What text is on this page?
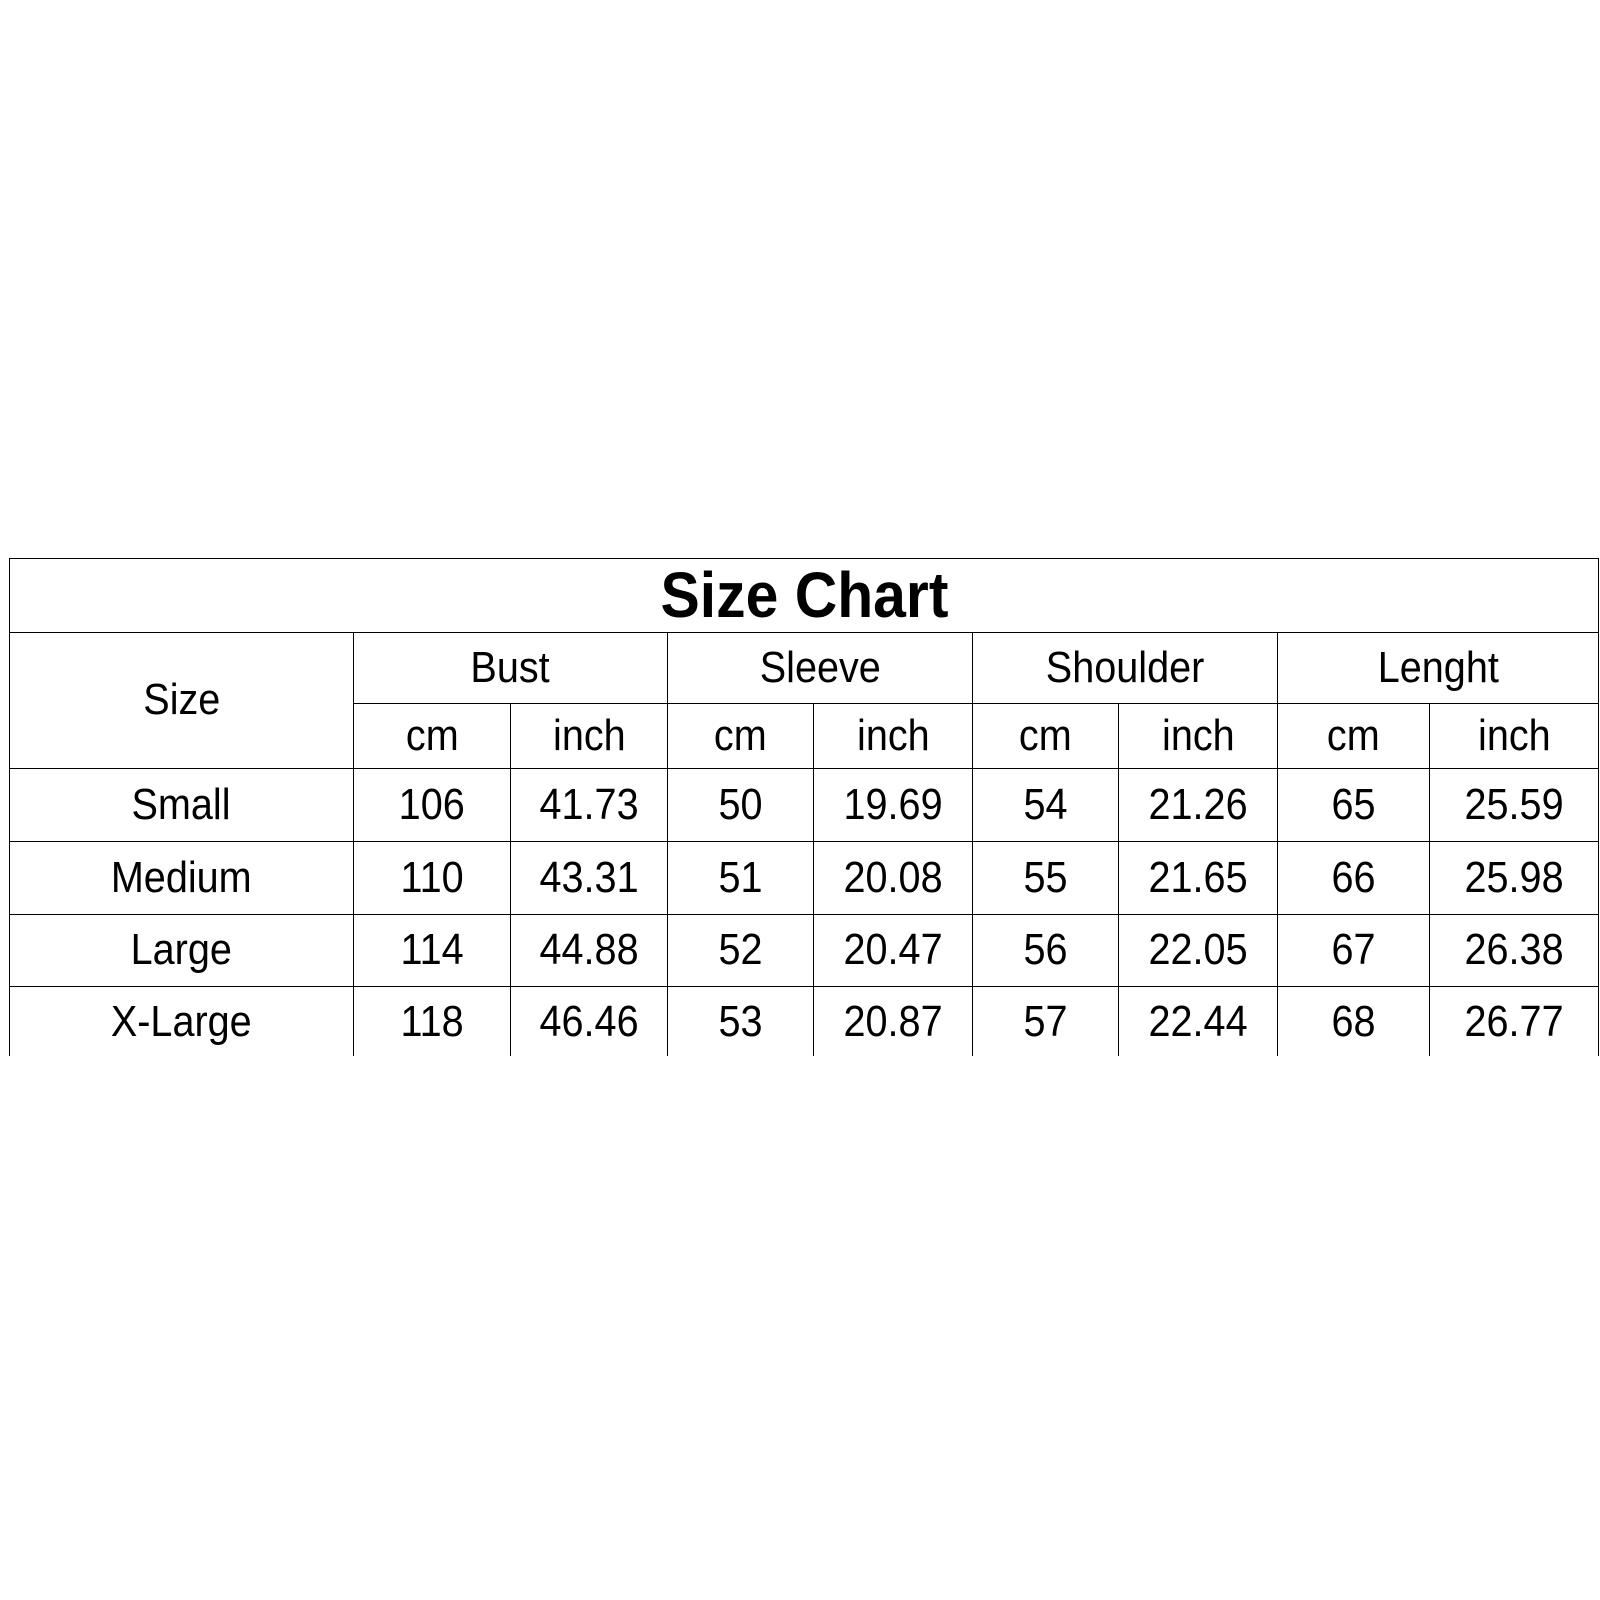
Size Chart								
Size	Bust		Sleeve		Shoulder		Lenght	
	cm	inch	cm	inch	cm	inch	cm	inch
Small	106	41.73	50	19.69	54	21.26	65	25.59
Medium	110	43.31	51	20.08	55	21.65	66	25.98
Large	114	44.88	52	20.47	56	22.05	67	26.38
X-Large	118	46.46	53	20.87	57	22.44	68	26.77
